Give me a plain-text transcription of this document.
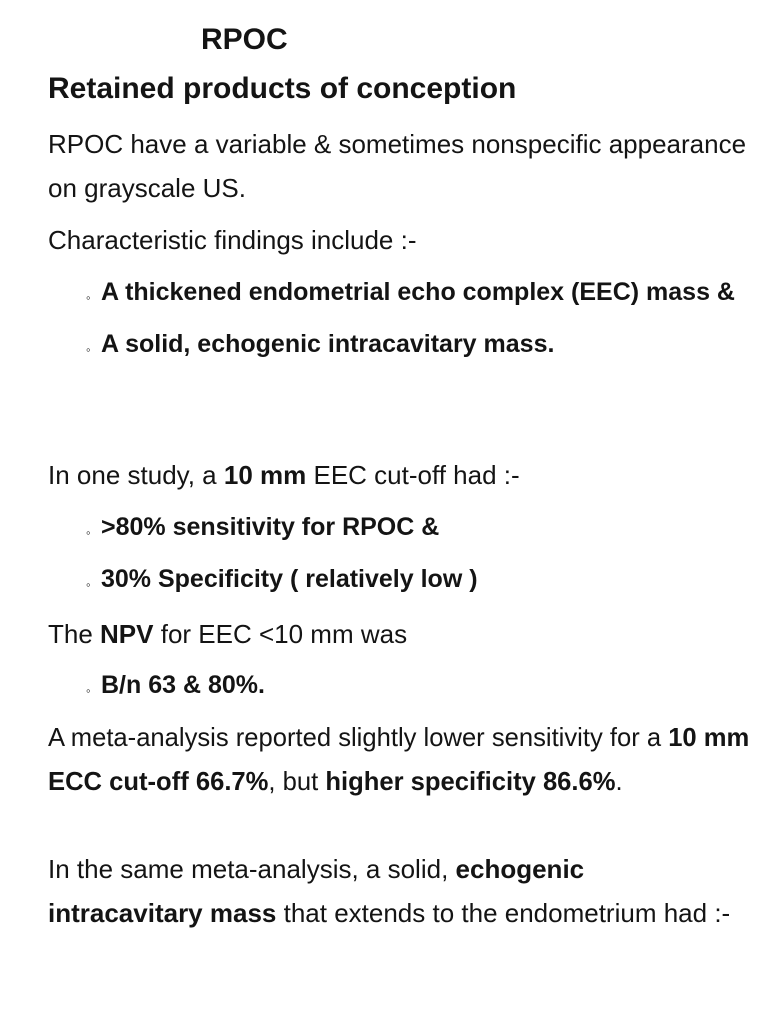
RPOC
Retained products of conception

RPOC have a variable & sometimes nonspecific appearance on grayscale US.

Characteristic findings include :-

◦ A thickened endometrial echo complex (EEC) mass &
◦ A solid, echogenic intracavitary mass.

In one study, a 10 mm EEC cut-off had :-

◦ >80% sensitivity for RPOC &
◦ 30% Specificity ( relatively low )

The NPV for EEC <10 mm was

◦ B/n 63 & 80%.

A meta-analysis reported slightly lower sensitivity for a 10 mm ECC cut-off 66.7%, but higher specificity 86.6%.

In the same meta-analysis, a solid, echogenic intracavitary mass that extends to the endometrium had :-
